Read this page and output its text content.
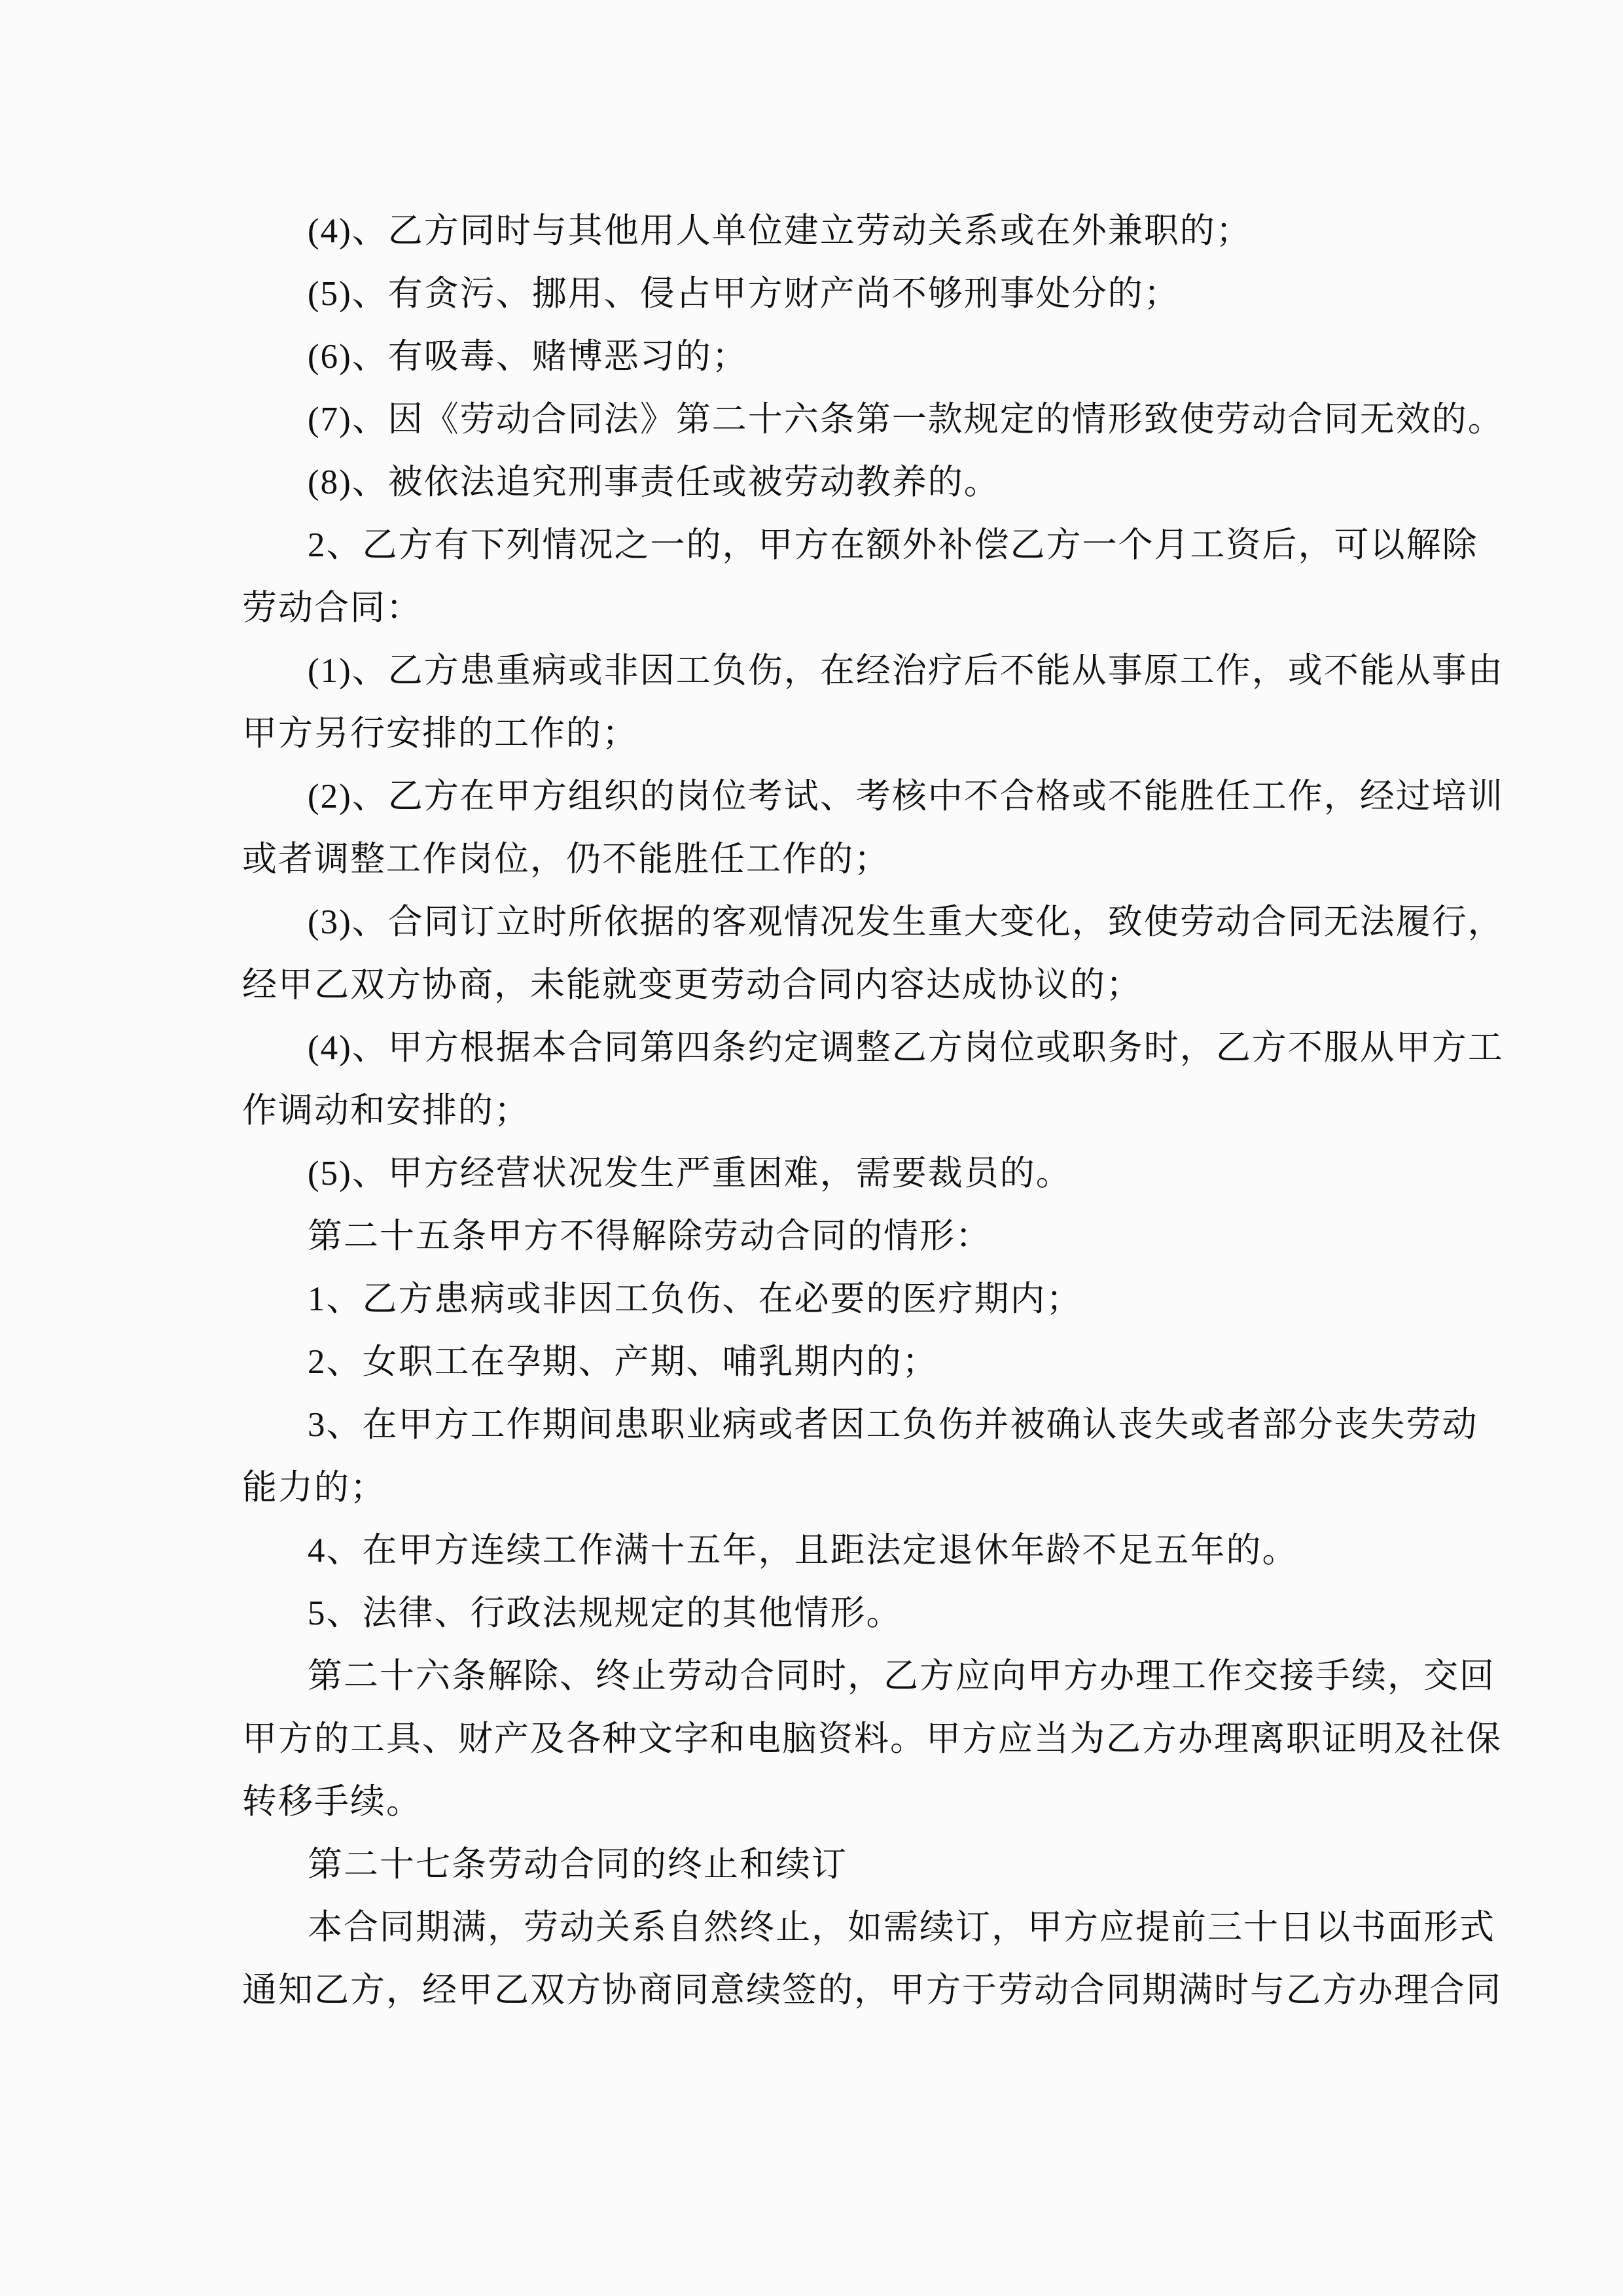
(4)、乙方同时与其他用人单位建立劳动关系或在外兼职的；
(5)、有贪污、挪用、侵占甲方财产尚不够刑事处分的；
(6)、有吸毒、赌博恶习的；
(7)、因《劳动合同法》第二十六条第一款规定的情形致使劳动合同无效的。
(8)、被依法追究刑事责任或被劳动教养的。
2、乙方有下列情况之一的，甲方在额外补偿乙方一个月工资后，可以解除
劳动合同：
(1)、乙方患重病或非因工负伤，在经治疗后不能从事原工作，或不能从事由
甲方另行安排的工作的；
(2)、乙方在甲方组织的岗位考试、考核中不合格或不能胜任工作，经过培训
或者调整工作岗位，仍不能胜任工作的；
(3)、合同订立时所依据的客观情况发生重大变化，致使劳动合同无法履行，
经甲乙双方协商，未能就变更劳动合同内容达成协议的；
(4)、甲方根据本合同第四条约定调整乙方岗位或职务时，乙方不服从甲方工
作调动和安排的；
(5)、甲方经营状况发生严重困难，需要裁员的。
第二十五条甲方不得解除劳动合同的情形：
1、乙方患病或非因工负伤、在必要的医疗期内；
2、女职工在孕期、产期、哺乳期内的；
3、在甲方工作期间患职业病或者因工负伤并被确认丧失或者部分丧失劳动
能力的；
4、在甲方连续工作满十五年，且距法定退休年龄不足五年的。
5、法律、行政法规规定的其他情形。
第二十六条解除、终止劳动合同时，乙方应向甲方办理工作交接手续，交回
甲方的工具、财产及各种文字和电脑资料。甲方应当为乙方办理离职证明及社保
转移手续。
第二十七条劳动合同的终止和续订
本合同期满，劳动关系自然终止，如需续订，甲方应提前三十日以书面形式
通知乙方，经甲乙双方协商同意续签的，甲方于劳动合同期满时与乙方办理合同
